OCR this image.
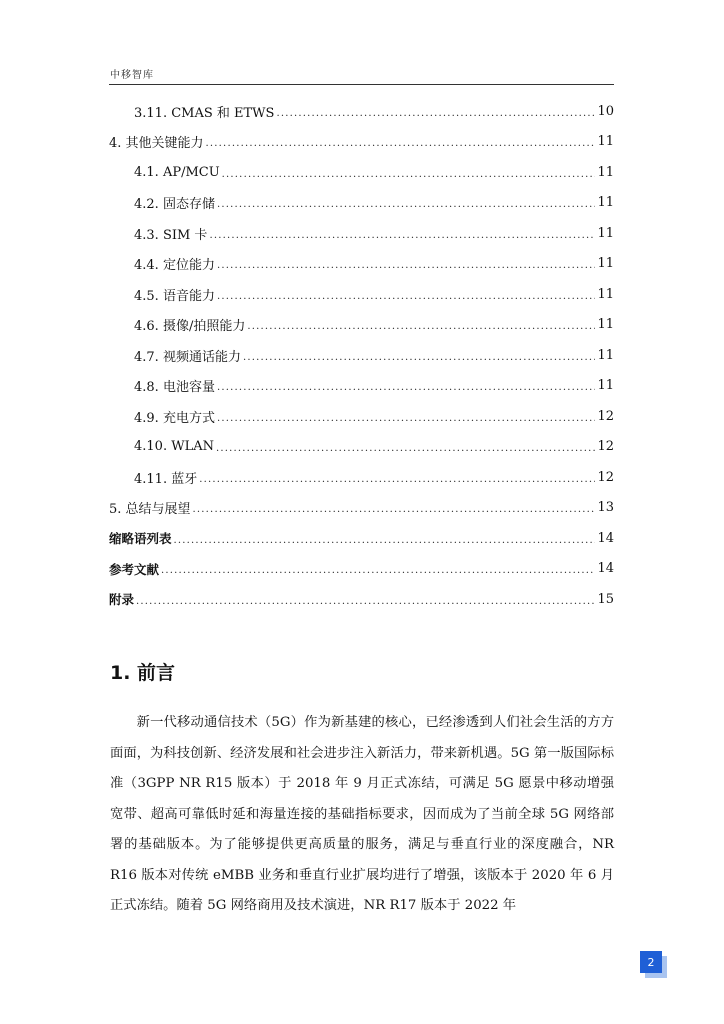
中移智库
3.11. CMAS 和 ETWS .....	10
4. 其他关键能力 .....	11
4.1. AP/MCU .....	11
4.2. 固态存储 .....	11
4.3. SIM 卡 .....	11
4.4. 定位能力 .....	11
4.5. 语音能力 .....	11
4.6. 摄像/拍照能力 .....	11
4.7. 视频通话能力 .....	11
4.8. 电池容量 .....	11
4.9. 充电方式 .....	12
4.10. WLAN .....	12
4.11. 蓝牙 .....	12
5. 总结与展望 .....	13
缩略语列表 .....	14
参考文献 .....	14
附录 .....	15
1. 前言
新一代移动通信技术（5G）作为新基建的核心，已经渗透到人们社会生活的方方面面，为科技创新、经济发展和社会进步注入新活力，带来新机遇。5G 第一版国际标准（3GPP NR R15 版本）于 2018 年 9 月正式冻结，可满足 5G 愿景中移动增强宽带、超高可靠低时延和海量连接的基础指标要求，因而成为了当前全球 5G 网络部署的基础版本。为了能够提供更高质量的服务，满足与垂直行业的深度融合，NR R16 版本对传统 eMBB 业务和垂直行业扩展均进行了增强，该版本于 2020 年 6 月正式冻结。随着 5G 网络商用及技术演进，NR R17 版本于 2022 年
2
